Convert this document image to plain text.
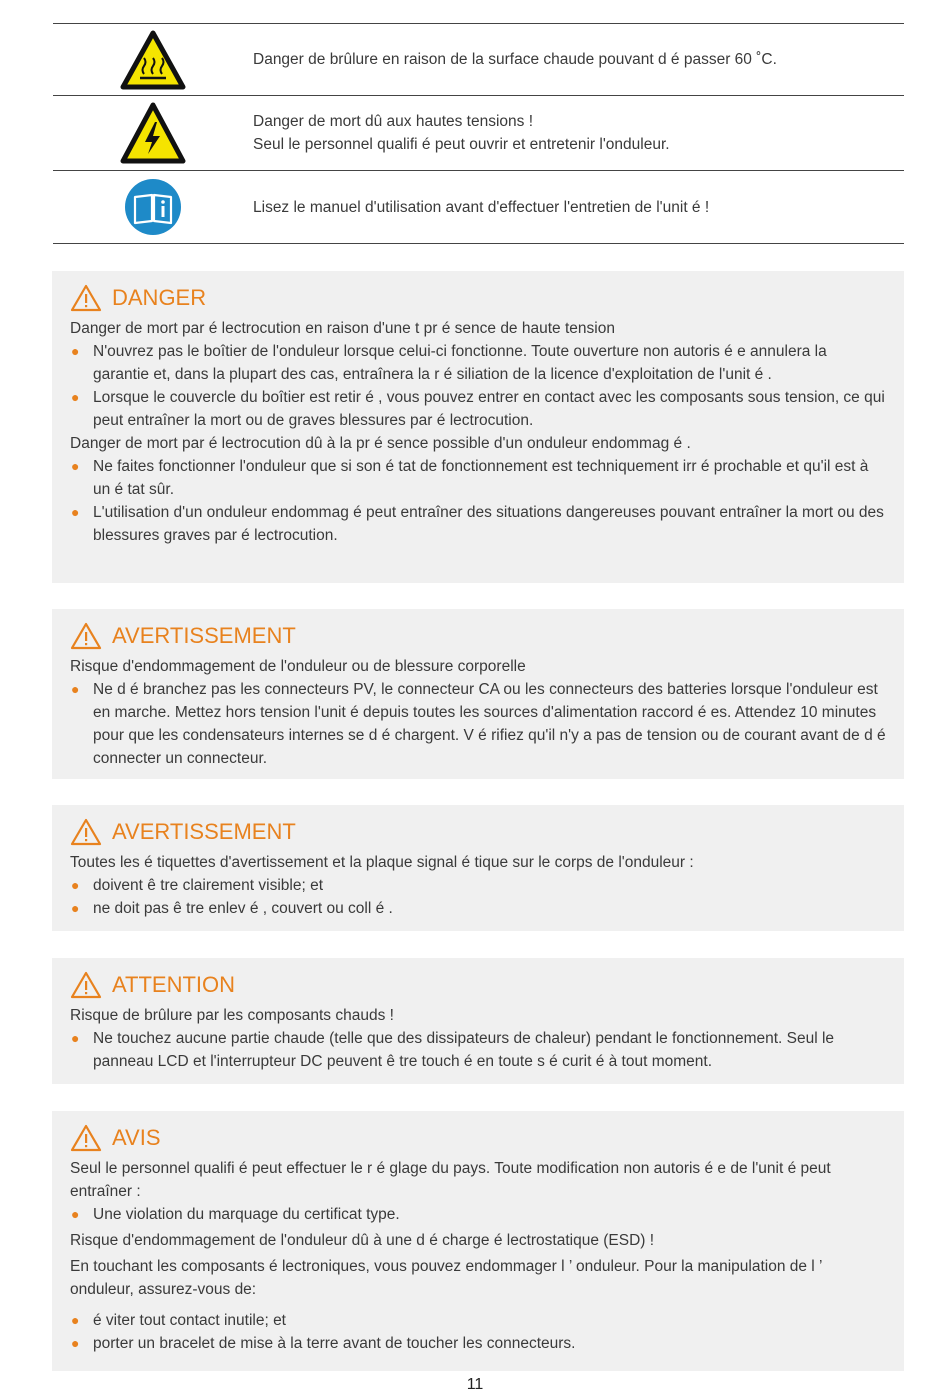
Danger de brûlure en raison de la surface chaude pouvant d é passer 60 ˚C.
Danger de mort dû aux hautes tensions !
Seul le personnel qualifi é peut ouvrir et entretenir l'onduleur.
Lisez le manuel d'utilisation avant d'effectuer l'entretien de l'unit é !
DANGER

Danger de mort par é lectrocution en raison d'une t pr é sence de haute tension

● N'ouvrez pas le boîtier de l'onduleur lorsque celui-ci fonctionne. Toute ouverture non autoris é e annulera la garantie et, dans la plupart des cas, entraînera la r é siliation de la licence d'exploitation de l'unit é .
● Lorsque le couvercle du boîtier est retir é , vous pouvez entrer en contact avec les composants sous tension, ce qui peut entraîner la mort ou de graves blessures par é lectrocution.

Danger de mort par é lectrocution dû à la pr é sence possible d'un onduleur endommag é .

● Ne faites fonctionner l'onduleur que si son é tat de fonctionnement est techniquement irr é prochable et qu'il est à un é tat sûr.
● L'utilisation d'un onduleur endommag é peut entraîner des situations dangereuses pouvant entraîner la mort ou des blessures graves par é lectrocution.
AVERTISSEMENT

Risque d'endommagement de l'onduleur ou de blessure corporelle

● Ne d é branchez pas les connecteurs PV, le connecteur CA ou les connecteurs des batteries lorsque l'onduleur est en marche. Mettez hors tension l'unit é depuis toutes les sources d'alimentation raccord é es. Attendez 10 minutes pour que les condensateurs internes se d é chargent. V é rifiez qu'il n'y a pas de tension ou de courant avant de d é connecter un connecteur.
AVERTISSEMENT

Toutes les é tiquettes d'avertissement et la plaque signal é tique sur le corps de l'onduleur :

● doivent ê tre clairement visible; et
● ne doit pas ê tre enlev é , couvert ou coll é .
ATTENTION

Risque de brûlure par les composants chauds !

● Ne touchez aucune partie chaude (telle que des dissipateurs de chaleur) pendant le fonctionnement. Seul le panneau LCD et l'interrupteur DC peuvent ê tre touch é en toute s é curit é à tout moment.
AVIS

Seul le personnel qualifi é peut effectuer le r é glage du pays. Toute modification non autoris é e de l'unit é peut entraîner :

● Une violation du marquage du certificat type.

Risque d'endommagement de l'onduleur dû à une d é charge é lectrostatique (ESD) !

En touchant les composants é lectroniques, vous pouvez endommager l ’ onduleur. Pour la manipulation de l ’ onduleur, assurez-vous de:

● é viter tout contact inutile; et
● porter un bracelet de mise à la terre avant de toucher les connecteurs.
11
